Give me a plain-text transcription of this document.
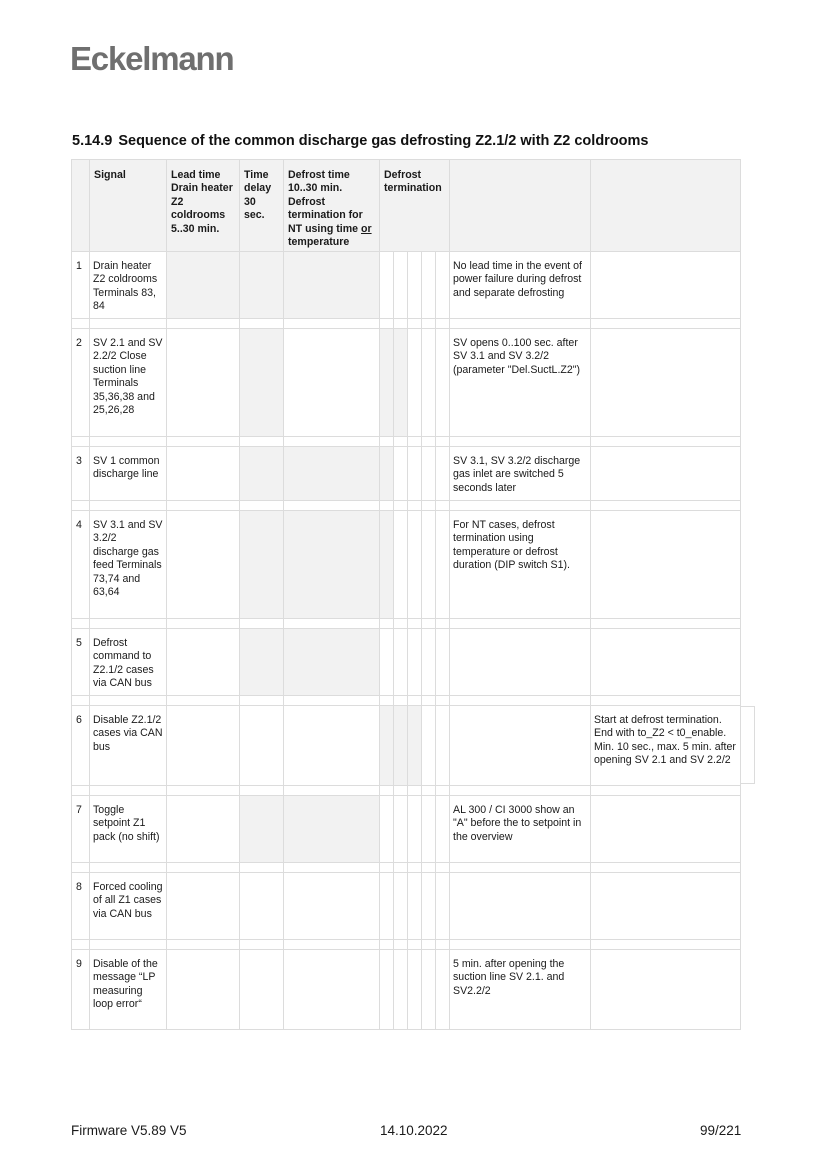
Eckelmann
5.14.9 Sequence of the common discharge gas defrosting Z2.1/2 with Z2 coldrooms

	Signal	Lead time Drain heater Z2 coldrooms 5..30 min.	Time delay 30 sec.	Defrost time 10..30 min. Defrost termination for NT using time or temperature	Defrost termination						

1	Drain heater Z2 coldrooms Terminals 83, 84									No lead time in the event of power failure during defrost and separate defrosting	

2	SV 2.1 and SV 2.2/2 Close suction line Terminals 35,36,38 and 25,26,28									SV opens 0..100 sec. after SV 3.1 and SV 3.2/2 (parameter "Del.SuctL.Z2")	

3	SV 1 common discharge line									SV 3.1, SV 3.2/2 discharge gas inlet are switched 5 seconds later	

4	SV 3.1 and SV 3.2/2 discharge gas feed Terminals 73,74 and 63,64									For NT cases, defrost termination using temperature or defrost duration (DIP switch S1).	

5	Defrost command to Z2.1/2 cases via CAN bus										

6	Disable Z2.1/2 cases via CAN bus										Start at defrost termination. End with to_Z2 < t0_enable. Min. 10 sec., max. 5 min. after opening SV 2.1 and SV 2.2/2

7	Toggle setpoint Z1 pack (no shift)									AL 300 / CI 3000 show an "A" before the to setpoint in the overview	

8	Forced cooling of all Z1 cases via CAN bus										

9	Disable of the message “LP measuring loop error“									5 min. after opening the suction line SV 2.1. and SV2.2/2	

Firmware V5.89 V5	14.10.2022	99/221
